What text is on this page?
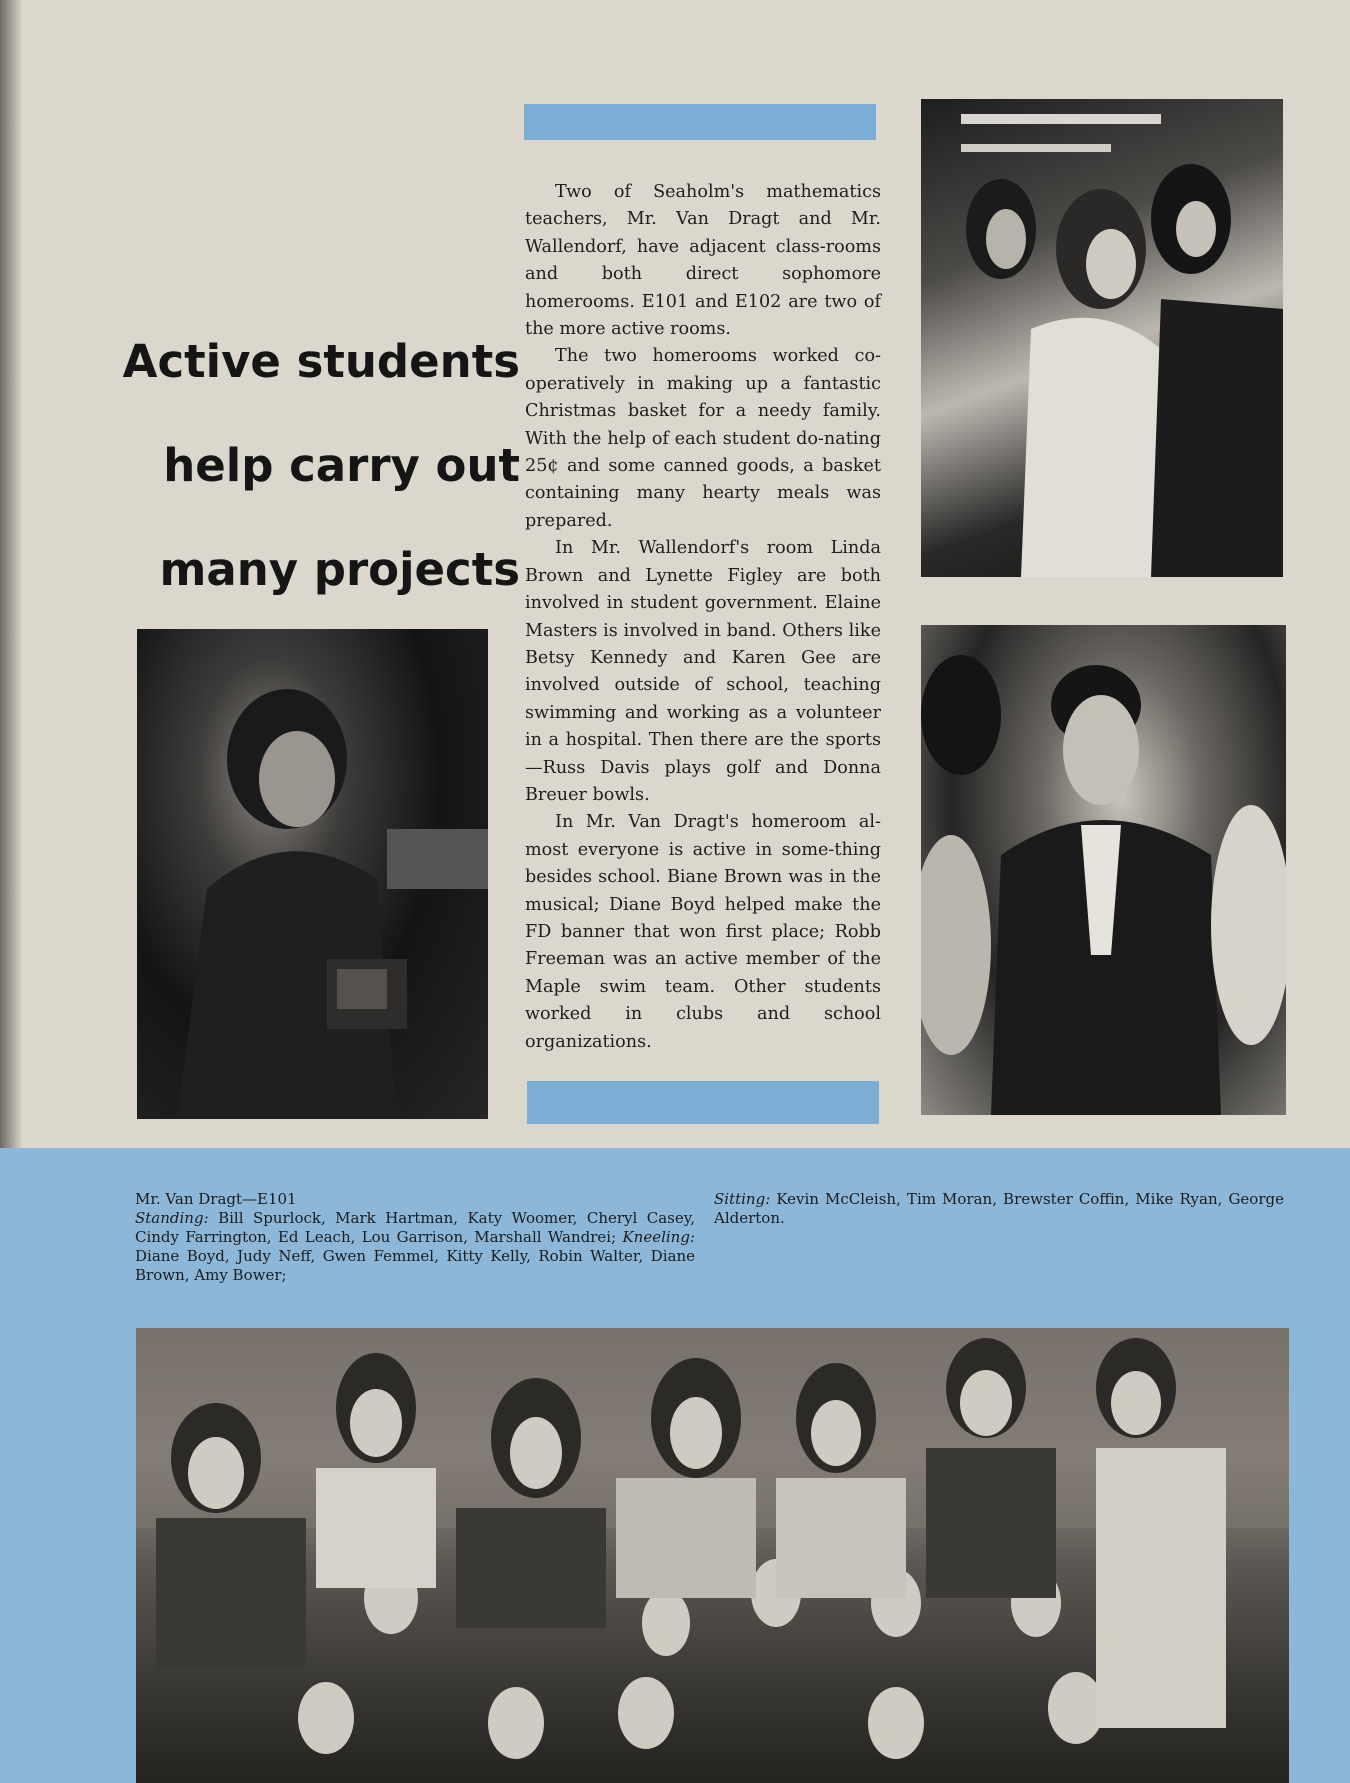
Active students
help carry out
many projects

Two of Seaholm's mathematics teachers, Mr. Van Dragt and Mr. Wallendorf, have adjacent class-rooms and both direct sophomore homerooms. E101 and E102 are two of the more active rooms.

The two homerooms worked co-operatively in making up a fantastic Christmas basket for a needy family. With the help of each student do-nating 25¢ and some canned goods, a basket containing many hearty meals was prepared.

In Mr. Wallendorf's room Linda Brown and Lynette Figley are both involved in student government. Elaine Masters is involved in band. Others like Betsy Kennedy and Karen Gee are involved outside of school, teaching swimming and working as a volunteer in a hospital. Then there are the sports—Russ Davis plays golf and Donna Breuer bowls.

In Mr. Van Dragt's homeroom al-most everyone is active in some-thing besides school. Biane Brown was in the musical; Diane Boyd helped make the FD banner that won first place; Robb Freeman was an active member of the Maple swim team. Other students worked in clubs and school organizations.

Mr. Van Dragt—E101
Standing: Bill Spurlock, Mark Hartman, Katy Woomer, Cheryl Casey, Cindy Farrington, Ed Leach, Lou Garrison, Marshall Wandrei; Kneeling: Diane Boyd, Judy Neff, Gwen Femmel, Kitty Kelly, Robin Walter, Diane Brown, Amy Bower;
Sitting: Kevin McCleish, Tim Moran, Brewster Coffin, Mike Ryan, George Alderton.
